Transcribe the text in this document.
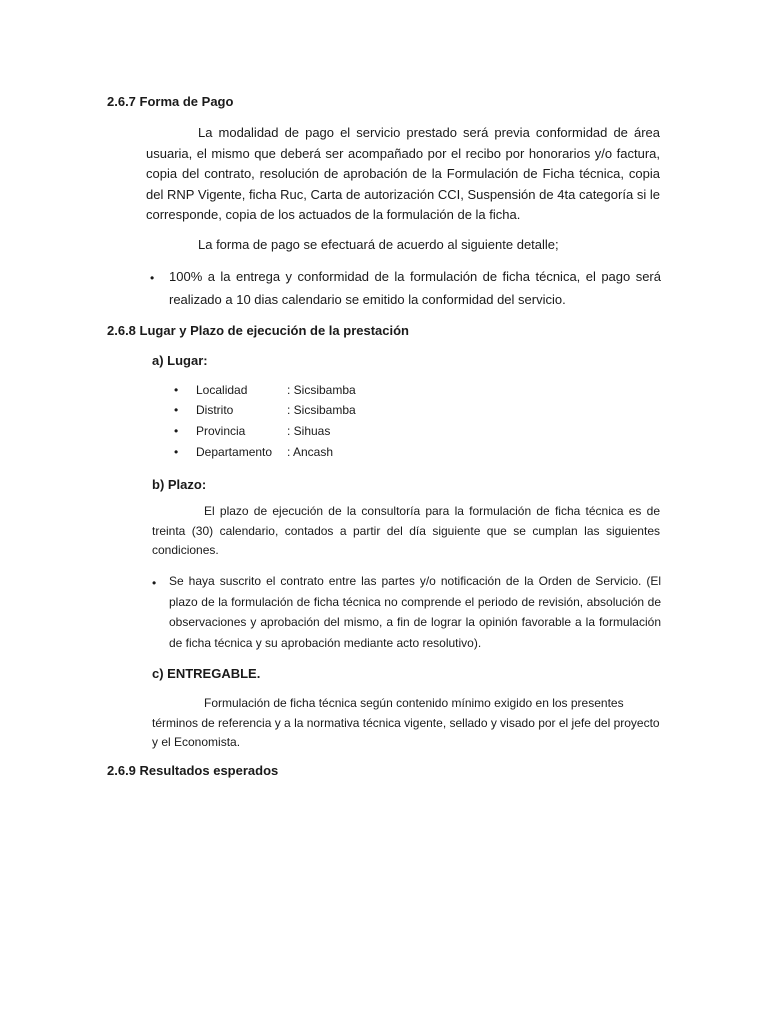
2.6.7 Forma de Pago

La modalidad de pago el servicio prestado será previa conformidad de área usuaria, el mismo que deberá ser acompañado por el recibo por honorarios y/o factura, copia del contrato, resolución de aprobación de la Formulación de Ficha técnica, copia del RNP Vigente, ficha Ruc, Carta de autorización CCI, Suspensión de 4ta categoría si le corresponde, copia de los actuados de la formulación de la ficha.

La forma de pago se efectuará de acuerdo al siguiente detalle;

• 100% a la entrega y conformidad de la formulación de ficha técnica, el pago será realizado a 10 dias calendario se emitido la conformidad del servicio.

2.6.8 Lugar y Plazo de ejecución de la prestación
a) Lugar:
• Localidad	: Sicsibamba
• Distrito	: Sicsibamba
• Provincia	: Sihuas
• Departamento : Ancash
b) Plazo:

El plazo de ejecución de la consultoría para la formulación de ficha técnica es de treinta (30) calendario, contados a partir del día siguiente que se cumplan las siguientes condiciones.

• Se haya suscrito el contrato entre las partes y/o notificación de la Orden de Servicio. (El plazo de la formulación de ficha técnica no comprende el periodo de revisión, absolución de observaciones y aprobación del mismo, a fin de lograr la opinión favorable a la formulación de ficha técnica y su aprobación mediante acto resolutivo).

c) ENTREGABLE.

Formulación de ficha técnica según contenido mínimo exigido en los presentes términos de referencia y a la normativa técnica vigente, sellado y visado por el jefe del proyecto y el Economista.

2.6.9 Resultados esperados
